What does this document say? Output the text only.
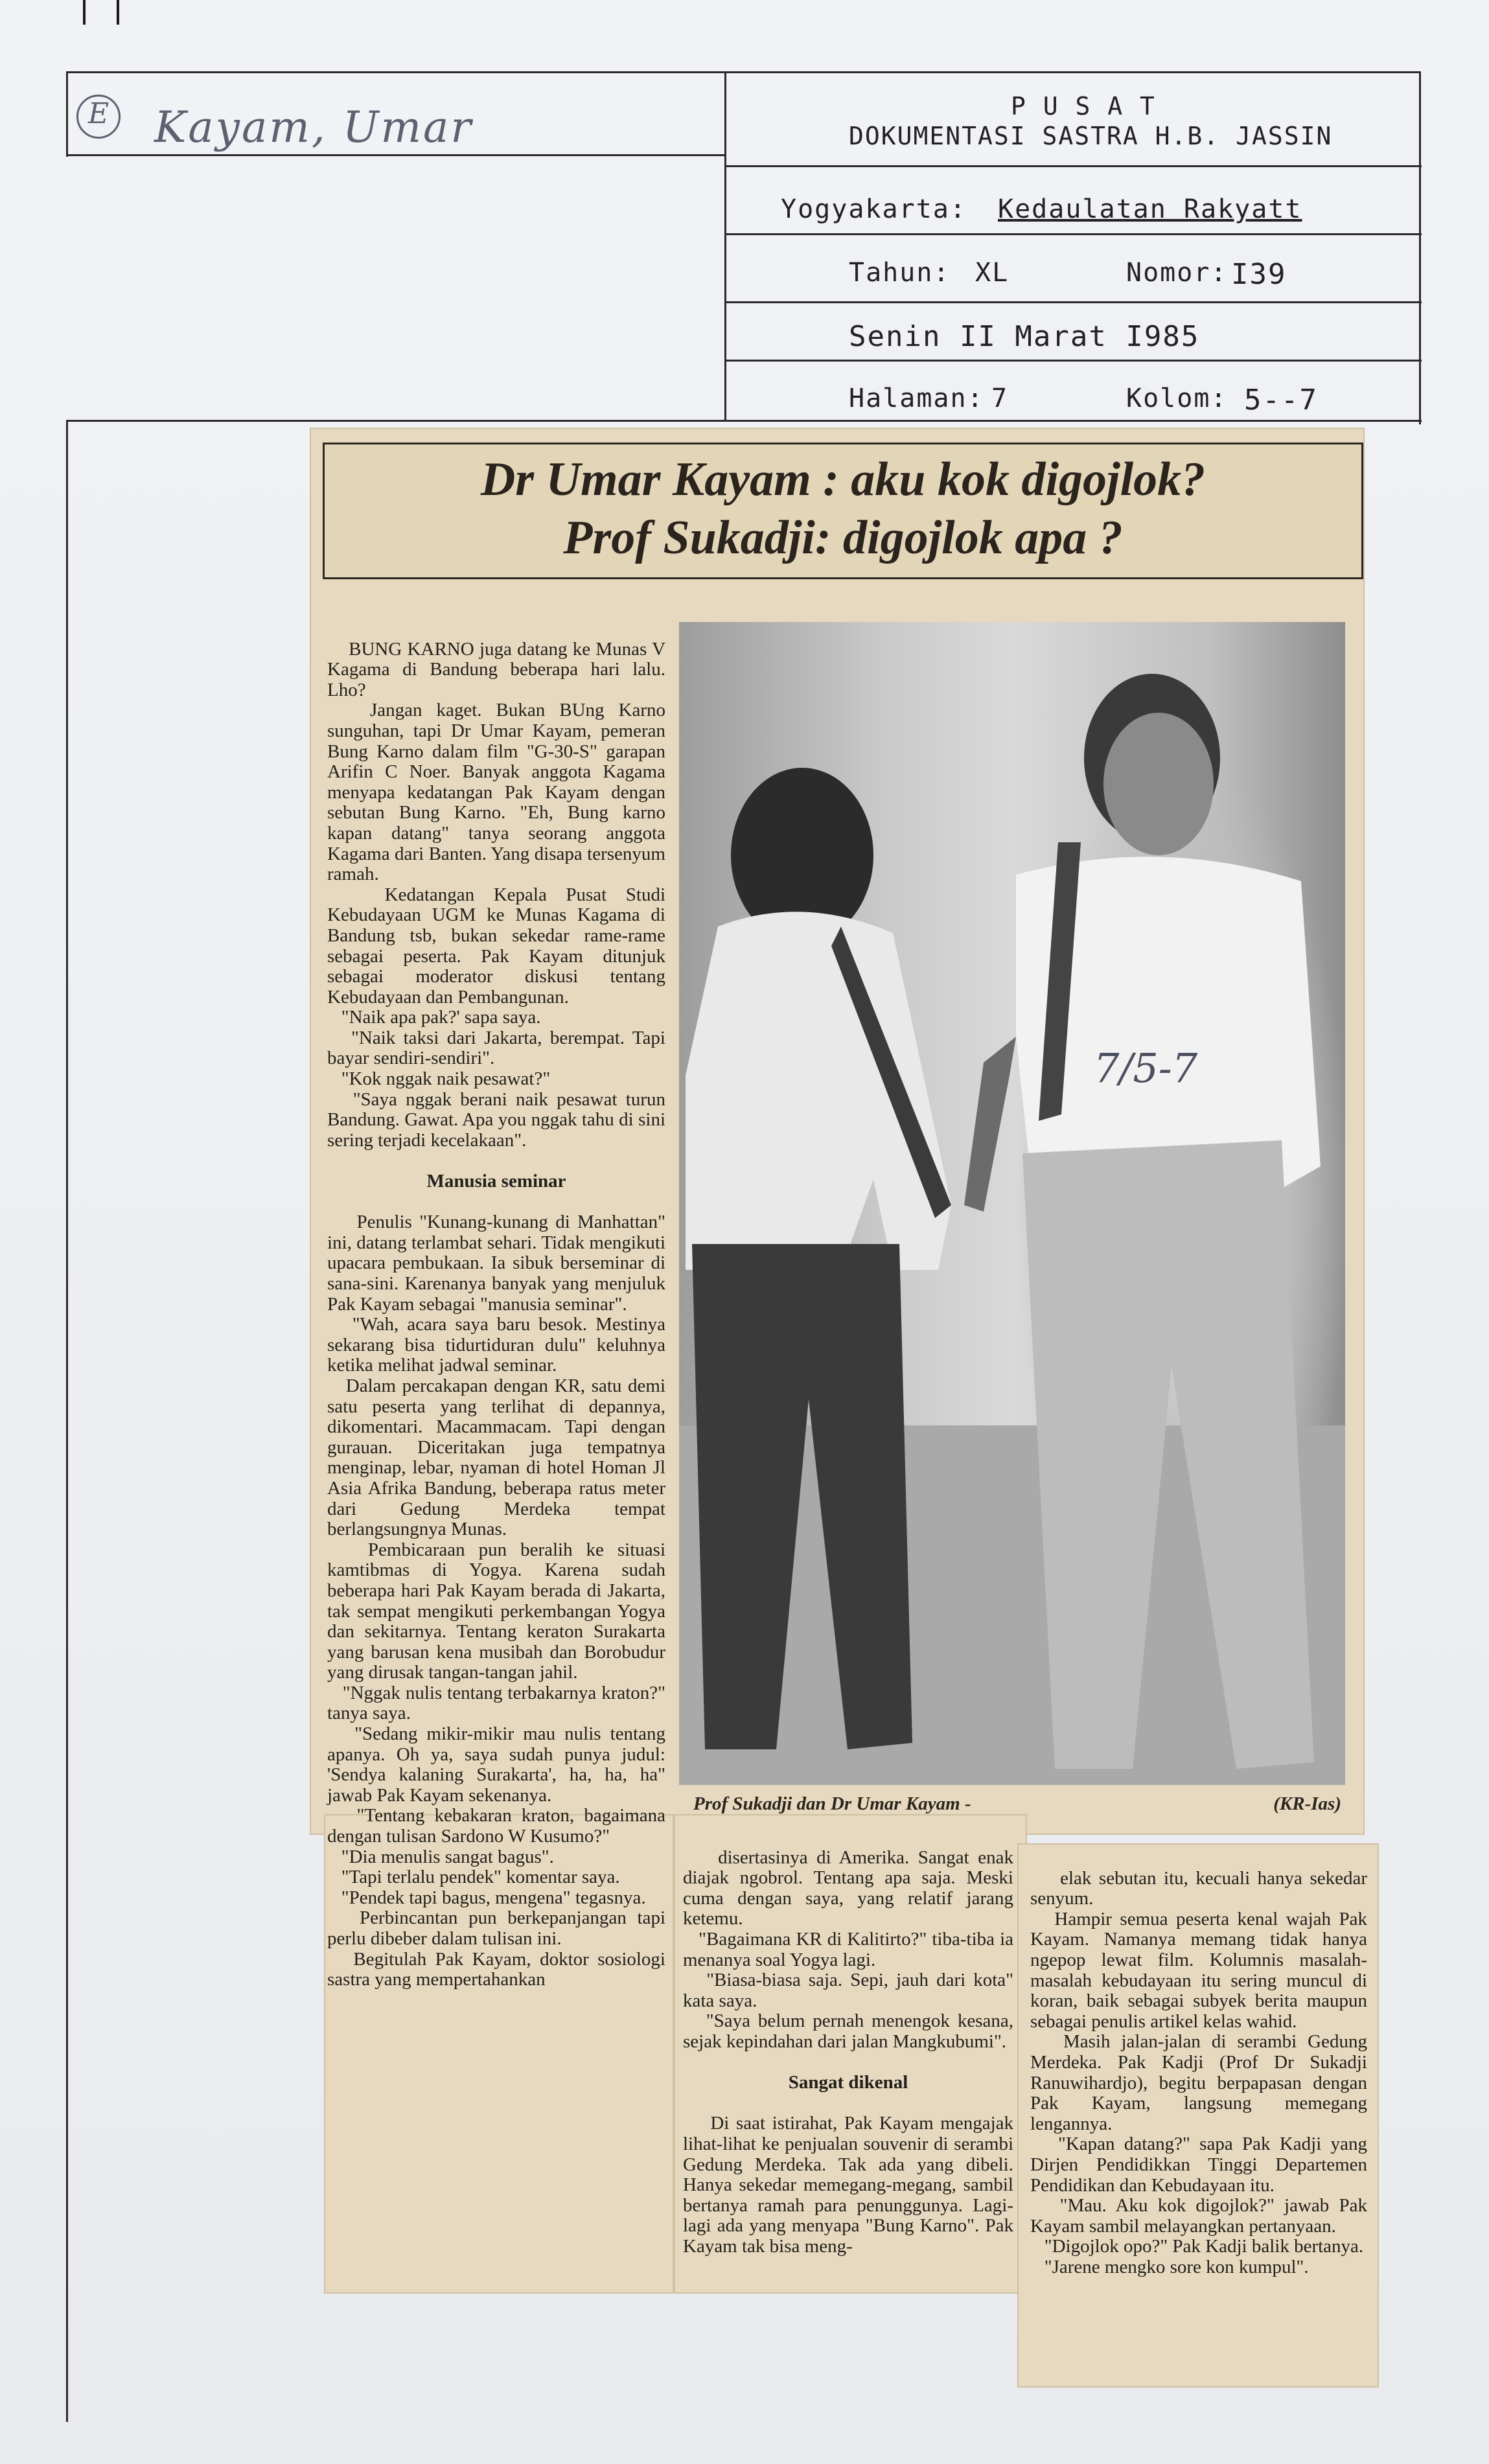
E Kayam, Umar	P U S A T
DOKUMENTASI SASTRA H.B. JASSIN
Yogyakarta: Kedaulatan Rakyatt
Tahun: XL	Nomor: I39
Senin II Marat I985
Halaman: 7	Kolom: 5--7
Dr Umar Kayam : aku kok digojlok?
Prof Sukadji: digojlok apa ?

BUNG KARNO juga datang ke Munas V Kagama di Bandung beberapa hari lalu. Lho?
Jangan kaget. Bukan BUng Karno sunguhan, tapi Dr Umar Kayam, pemeran Bung Karno dalam film "G-30-S" garapan Arifin C Noer. Banyak anggota Kagama menyapa kedatangan Pak Kayam dengan sebutan Bung Karno. "Eh, Bung karno kapan datang" tanya seorang anggota Kagama dari Banten. Yang disapa tersenyum ramah.
Kedatangan Kepala Pusat Studi Kebudayaan UGM ke Munas Kagama di Bandung tsb, bukan sekedar rame-rame sebagai peserta. Pak Kayam ditunjuk sebagai moderator diskusi tentang Kebudayaan dan Pembangunan.
"Naik apa pak?' sapa saya.
"Naik taksi dari Jakarta, berempat. Tapi bayar sendiri-sendiri".
"Kok nggak naik pesawat?"
"Saya nggak berani naik pesawat turun Bandung. Gawat. Apa you nggak tahu di sini sering terjadi kecelakaan".

Manusia seminar

Penulis "Kunang-kunang di Manhattan" ini, datang terlambat sehari. Tidak mengikuti upacara pembukaan. Ia sibuk berseminar di sana-sini. Karenanya banyak yang menjuluk Pak Kayam sebagai "manusia seminar".
"Wah, acara saya baru besok. Mestinya sekarang bisa tidurtiduran dulu" keluhnya ketika melihat jadwal seminar.
Dalam percakapan dengan KR, satu demi satu peserta yang terlihat di depannya, dikomentari. Macammacam. Tapi dengan gurauan. Diceritakan juga tempatnya menginap, lebar, nyaman di hotel Homan Jl Asia Afrika Bandung, beberapa ratus meter dari Gedung Merdeka tempat berlangsungnya Munas.
Pembicaraan pun beralih ke situasi kamtibmas di Yogya. Karena sudah beberapa hari Pak Kayam berada di Jakarta, tak sempat mengikuti perkembangan Yogya dan sekitarnya. Tentang keraton Surakarta yang barusan kena musibah dan Borobudur yang dirusak tangan-tangan jahil.
"Nggak nulis tentang terbakarnya kraton?" tanya saya.
"Sedang mikir-mikir mau nulis tentang apanya. Oh ya, saya sudah punya judul: 'Sendya kalaning Surakarta', ha, ha, ha" jawab Pak Kayam sekenanya.
"Tentang kebakaran kraton, bagaimana dengan tulisan Sardono W Kusumo?"
"Dia menulis sangat bagus".
"Tapi terlalu pendek" komentar saya.
"Pendek tapi bagus, mengena" tegasnya.
Perbincantan pun berkepanjangan tapi perlu dibeber dalam tulisan ini.
Begitulah Pak Kayam, doktor sosiologi sastra yang mempertahankan

7/5-7
Prof Sukadji dan Dr Umar Kayam -	(KR-Ias)

disertasinya di Amerika. Sangat enak diajak ngobrol. Tentang apa saja. Meski cuma dengan saya, yang relatif jarang ketemu.
"Bagaimana KR di Kalitirto?" tiba-tiba ia menanya soal Yogya lagi.
"Biasa-biasa saja. Sepi, jauh dari kota" kata saya.
"Saya belum pernah menengok kesana, sejak kepindahan dari jalan Mangkubumi".

Sangat dikenal

Di saat istirahat, Pak Kayam mengajak lihat-lihat ke penjualan souvenir di serambi Gedung Merdeka. Tak ada yang dibeli. Hanya sekedar memegang-megang, sambil bertanya ramah para penunggunya. Lagi-lagi ada yang menyapa "Bung Karno". Pak Kayam tak bisa meng-

elak sebutan itu, kecuali hanya sekedar senyum.
Hampir semua peserta kenal wajah Pak Kayam. Namanya memang tidak hanya ngepop lewat film. Kolumnis masalah-masalah kebudayaan itu sering muncul di koran, baik sebagai subyek berita maupun sebagai penulis artikel kelas wahid.
Masih jalan-jalan di serambi Gedung Merdeka. Pak Kadji (Prof Dr Sukadji Ranuwihardjo), begitu berpapasan dengan Pak Kayam, langsung memegang lengannya.
"Kapan datang?" sapa Pak Kadji yang Dirjen Pendidikkan Tinggi Departemen Pendidikan dan Kebudayaan itu.
"Mau. Aku kok digojlok?" jawab Pak Kayam sambil melayangkan pertanyaan.
"Digojlok opo?" Pak Kadji balik bertanya.
"Jarene mengko sore kon kumpul".
